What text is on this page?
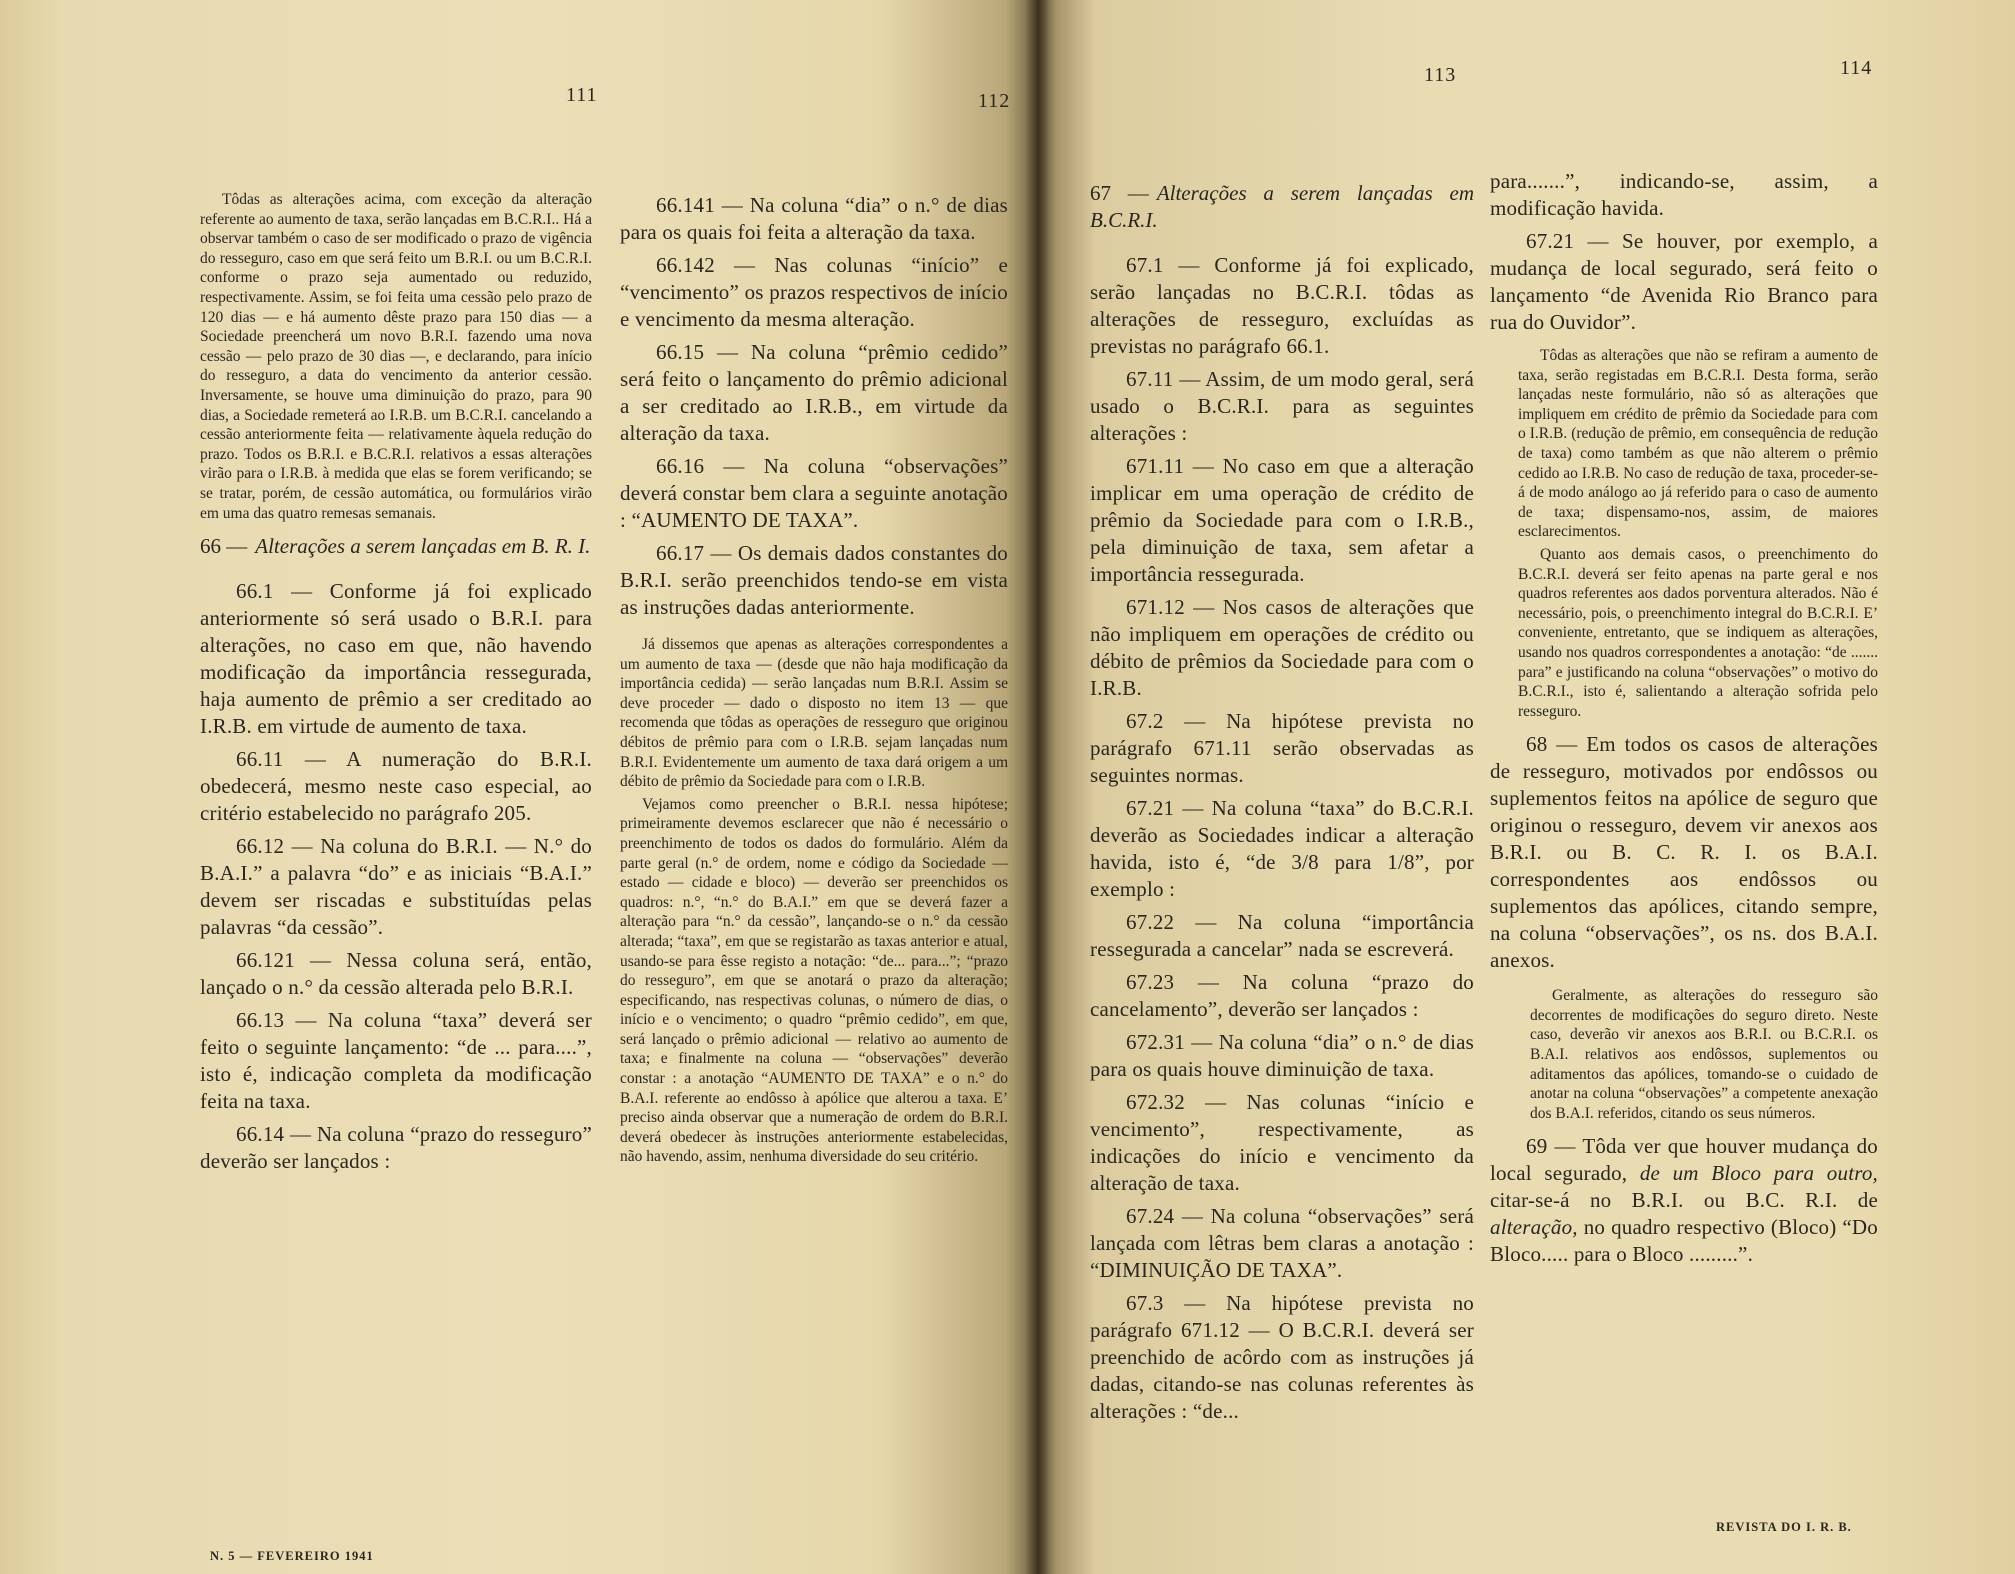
111	112
113	114

Tôdas as alterações acima, com exceção da alteração referente ao aumento de taxa, serão lançadas em B.C.R.I.. Há a observar também o caso de ser modificado o prazo de vigência do resseguro, caso em que será feito um B.R.I. ou um B.C.R.I. conforme o prazo seja aumentado ou reduzido, respectivamente. Assim, se foi feita uma cessão pelo prazo de 120 dias — e há aumento dêste prazo para 150 dias — a Sociedade preencherá um novo B.R.I. fazendo uma nova cessão — pelo prazo de 30 dias —, e declarando, para início do resseguro, a data do vencimento da anterior cessão. Inversamente, se houve uma diminuição do prazo, para 90 dias, a Sociedade remeterá ao I.R.B. um B.C.R.I. cancelando a cessão anteriormente feita — relativamente àquela redução do prazo. Todos os B.R.I. e B.C.R.I. relativos a essas alterações virão para o I.R.B. à medida que elas se forem verificando; se se tratar, porém, de cessão automática, ou formulários virão em uma das quatro remesas semanais.

66 — Alterações a serem lançadas em B. R. I.

66.1 — Conforme já foi explicado anteriormente só será usado o B.R.I. para alterações, no caso em que, não havendo modificação da importância ressegurada, haja aumento de prêmio a ser creditado ao I.R.B. em virtude de aumento de taxa.

66.11 — A numeração do B.R.I. obedecerá, mesmo neste caso especial, ao critério estabelecido no parágrafo 205.

66.12 — Na coluna do B.R.I. — N.° do B.A.I.” a palavra “do” e as iniciais “B.A.I.” devem ser riscadas e substituídas pelas palavras “da cessão”.

66.121 — Nessa coluna será, então, lançado o n.° da cessão alterada pelo B.R.I.

66.13 — Na coluna “taxa” deverá ser feito o seguinte lançamento: “de ... para....”, isto é, indicação completa da modificação feita na taxa.

66.14 — Na coluna “prazo do resseguro” deverão ser lançados :

66.141 — Na coluna “dia” o n.° de dias para os quais foi feita a alteração da taxa.

66.142 — Nas colunas “início” e “vencimento” os prazos respectivos de início e vencimento da mesma alteração.

66.15 — Na coluna “prêmio cedido” será feito o lançamento do prêmio adicional a ser creditado ao I.R.B., em virtude da alteração da taxa.

66.16 — Na coluna “observações” deverá constar bem clara a seguinte anotação : “AUMENTO DE TAXA”.

66.17 — Os demais dados constantes do B.R.I. serão preenchidos tendo-se em vista as instruções dadas anteriormente.

Já dissemos que apenas as alterações correspondentes a um aumento de taxa — (desde que não haja modificação da importância cedida) — serão lançadas num B.R.I. Assim se deve proceder — dado o disposto no item 13 — que recomenda que tôdas as operações de resseguro que originou débitos de prêmio para com o I.R.B. sejam lançadas num B.R.I. Evidentemente um aumento de taxa dará origem a um débito de prêmio da Sociedade para com o I.R.B.

Vejamos como preencher o B.R.I. nessa hipótese; primeiramente devemos esclarecer que não é necessário o preenchimento de todos os dados do formulário. Além da parte geral (n.° de ordem, nome e código da Sociedade — estado — cidade e bloco) — deverão ser preenchidos os quadros: n.°, “n.° do B.A.I.” em que se deverá fazer a alteração para “n.° da cessão”, lançando-se o n.° da cessão alterada; “taxa”, em que se registarão as taxas anterior e atual, usando-se para êsse registo a notação: “de... para...”; “prazo do resseguro”, em que se anotará o prazo da alteração; especificando, nas respectivas colunas, o número de dias, o início e o vencimento; o quadro “prêmio cedido”, em que, será lançado o prêmio adicional — relativo ao aumento de taxa; e finalmente na coluna — “observações” deverão constar : a anotação “AUMENTO DE TAXA” e o n.° do B.A.I. referente ao endôsso à apólice que alterou a taxa. E’ preciso ainda observar que a numeração de ordem do B.R.I. deverá obedecer às instruções anteriormente estabelecidas, não havendo, assim, nenhuma diversidade do seu critério.

67 — Alterações a serem lançadas em B.C.R.I.

67.1 — Conforme já foi explicado, serão lançadas no B.C.R.I. tôdas as alterações de resseguro, excluídas as previstas no parágrafo 66.1.

67.11 — Assim, de um modo geral, será usado o B.C.R.I. para as seguintes alterações :

671.11 — No caso em que a alteração implicar em uma operação de crédito de prêmio da Sociedade para com o I.R.B., pela diminuição de taxa, sem afetar a importância ressegurada.

671.12 — Nos casos de alterações que não impliquem em operações de crédito ou débito de prêmios da Sociedade para com o I.R.B.

67.2 — Na hipótese prevista no parágrafo 671.11 serão observadas as seguintes normas.

67.21 — Na coluna “taxa” do B.C.R.I. deverão as Sociedades indicar a alteração havida, isto é, “de 3/8 para 1/8”, por exemplo :

67.22 — Na coluna “importância ressegurada a cancelar” nada se escreverá.

67.23 — Na coluna “prazo do cancelamento”, deverão ser lançados :

672.31 — Na coluna “dia” o n.° de dias para os quais houve diminuição de taxa.

672.32 — Nas colunas “início e vencimento”, respectivamente, as indicações do início e vencimento da alteração de taxa.

67.24 — Na coluna “observações” será lançada com lêtras bem claras a anotação : “DIMINUIÇÃO DE TAXA”.

67.3 — Na hipótese prevista no parágrafo 671.12 — O B.C.R.I. deverá ser preenchido de acôrdo com as instruções já dadas, citando-se nas colunas referentes às alterações : “de...

para.......”, indicando-se, assim, a modificação havida.

67.21 — Se houver, por exemplo, a mudança de local segurado, será feito o lançamento “de Avenida Rio Branco para rua do Ouvidor”.

Tôdas as alterações que não se refiram a aumento de taxa, serão registadas em B.C.R.I. Desta forma, serão lançadas neste formulário, não só as alterações que impliquem em crédito de prêmio da Sociedade para com o I.R.B. (redução de prêmio, em consequência de redução de taxa) como também as que não alterem o prêmio cedido ao I.R.B. No caso de redução de taxa, proceder-se-á de modo análogo ao já referido para o caso de aumento de taxa; dispensamo-nos, assim, de maiores esclarecimentos.

Quanto aos demais casos, o preenchimento do B.C.R.I. deverá ser feito apenas na parte geral e nos quadros referentes aos dados porventura alterados. Não é necessário, pois, o preenchimento integral do B.C.R.I. E’ conveniente, entretanto, que se indiquem as alterações, usando nos quadros correspondentes a anotação: “de ....... para” e justificando na coluna “observações” o motivo do B.C.R.I., isto é, salientando a alteração sofrida pelo resseguro.

68 — Em todos os casos de alterações de resseguro, motivados por endôssos ou suplementos feitos na apólice de seguro que originou o resseguro, devem vir anexos aos B.R.I. ou B. C. R. I. os B.A.I. correspondentes aos endôssos ou suplementos das apólices, citando sempre, na coluna “observações”, os ns. dos B.A.I. anexos.

Geralmente, as alterações do resseguro são decorrentes de modificações do seguro direto. Neste caso, deverão vir anexos aos B.R.I. ou B.C.R.I. os B.A.I. relativos aos endôssos, suplementos ou aditamentos das apólices, tomando-se o cuidado de anotar na coluna “observações” a competente anexação dos B.A.I. referidos, citando os seus números.

69 — Tôda ver que houver mudança do local segurado, de um Bloco para outro, citar-se-á no B.R.I. ou B.C. R.I. de alteração, no quadro respectivo (Bloco) “Do Bloco..... para o Bloco .........”.

N. 5 — FEVEREIRO 1941
REVISTA DO I. R. B.
